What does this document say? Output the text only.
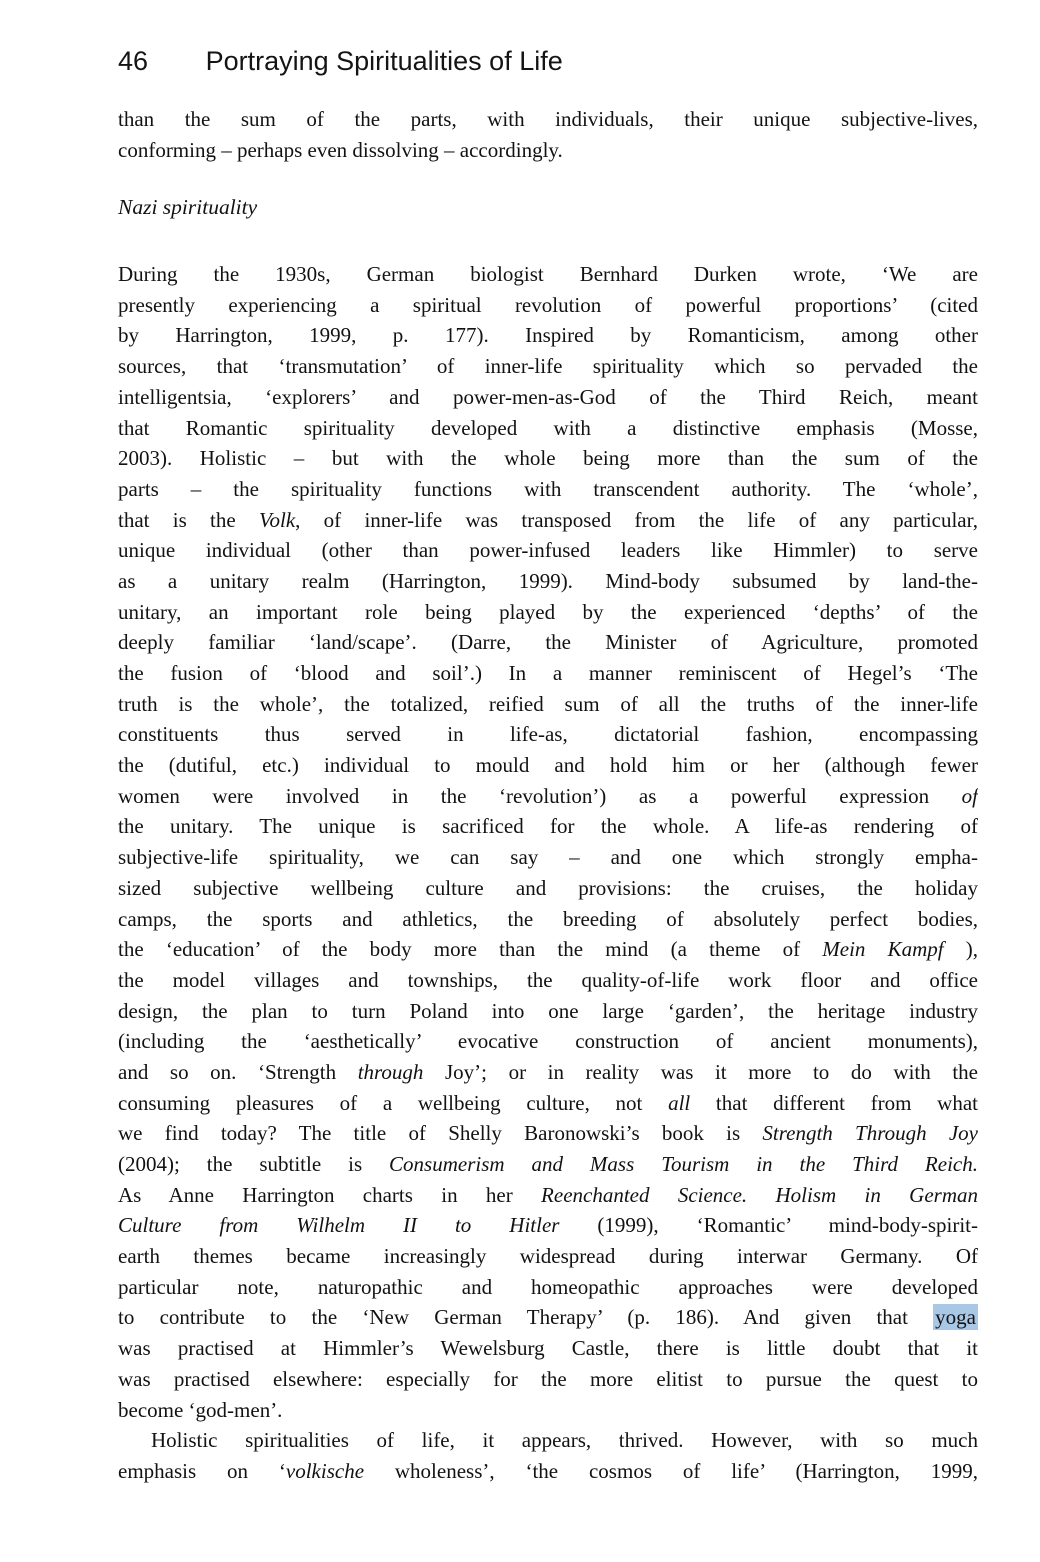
46 Portraying Spiritualities of Life
than the sum of the parts, with individuals, their unique subjective-lives,
conforming – perhaps even dissolving – accordingly.
Nazi spirituality
During the 1930s, German biologist Bernhard Durken wrote, ‘We are
presently experiencing a spiritual revolution of powerful proportions’ (cited
by Harrington, 1999, p. 177). Inspired by Romanticism, among other
sources, that ‘transmutation’ of inner-life spirituality which so pervaded the
intelligentsia, ‘explorers’ and power-men-as-God of the Third Reich, meant
that Romantic spirituality developed with a distinctive emphasis (Mosse,
2003). Holistic – but with the whole being more than the sum of the
parts – the spirituality functions with transcendent authority. The ‘whole’,
that is the Volk, of inner-life was transposed from the life of any particular,
unique individual (other than power-infused leaders like Himmler) to serve
as a unitary realm (Harrington, 1999). Mind-body subsumed by land-the-
unitary, an important role being played by the experienced ‘depths’ of the
deeply familiar ‘land/scape’. (Darre, the Minister of Agriculture, promoted
the fusion of ‘blood and soil’.) In a manner reminiscent of Hegel’s ‘The
truth is the whole’, the totalized, reified sum of all the truths of the inner-life
constituents thus served in life-as, dictatorial fashion, encompassing
the (dutiful, etc.) individual to mould and hold him or her (although fewer
women were involved in the ‘revolution’) as a powerful expression of
the unitary. The unique is sacrificed for the whole. A life-as rendering of
subjective-life spirituality, we can say – and one which strongly empha-
sized subjective wellbeing culture and provisions: the cruises, the holiday
camps, the sports and athletics, the breeding of absolutely perfect bodies,
the ‘education’ of the body more than the mind (a theme of Mein Kampf ),
the model villages and townships, the quality-of-life work floor and office
design, the plan to turn Poland into one large ‘garden’, the heritage industry
(including the ‘aesthetically’ evocative construction of ancient monuments),
and so on. ‘Strength through Joy’; or in reality was it more to do with the
consuming pleasures of a wellbeing culture, not all that different from what
we find today? The title of Shelly Baronowski’s book is Strength Through Joy
(2004); the subtitle is Consumerism and Mass Tourism in the Third Reich.
As Anne Harrington charts in her Reenchanted Science. Holism in German
Culture from Wilhelm II to Hitler (1999), ‘Romantic’ mind-body-spirit-
earth themes became increasingly widespread during interwar Germany. Of
particular note, naturopathic and homeopathic approaches were developed
to contribute to the ‘New German Therapy’ (p. 186). And given that yoga
was practised at Himmler’s Wewelsburg Castle, there is little doubt that it
was practised elsewhere: especially for the more elitist to pursue the quest to
become ‘god-men’.
Holistic spiritualities of life, it appears, thrived. However, with so much
emphasis on ‘volkische wholeness’, ‘the cosmos of life’ (Harrington, 1999,
